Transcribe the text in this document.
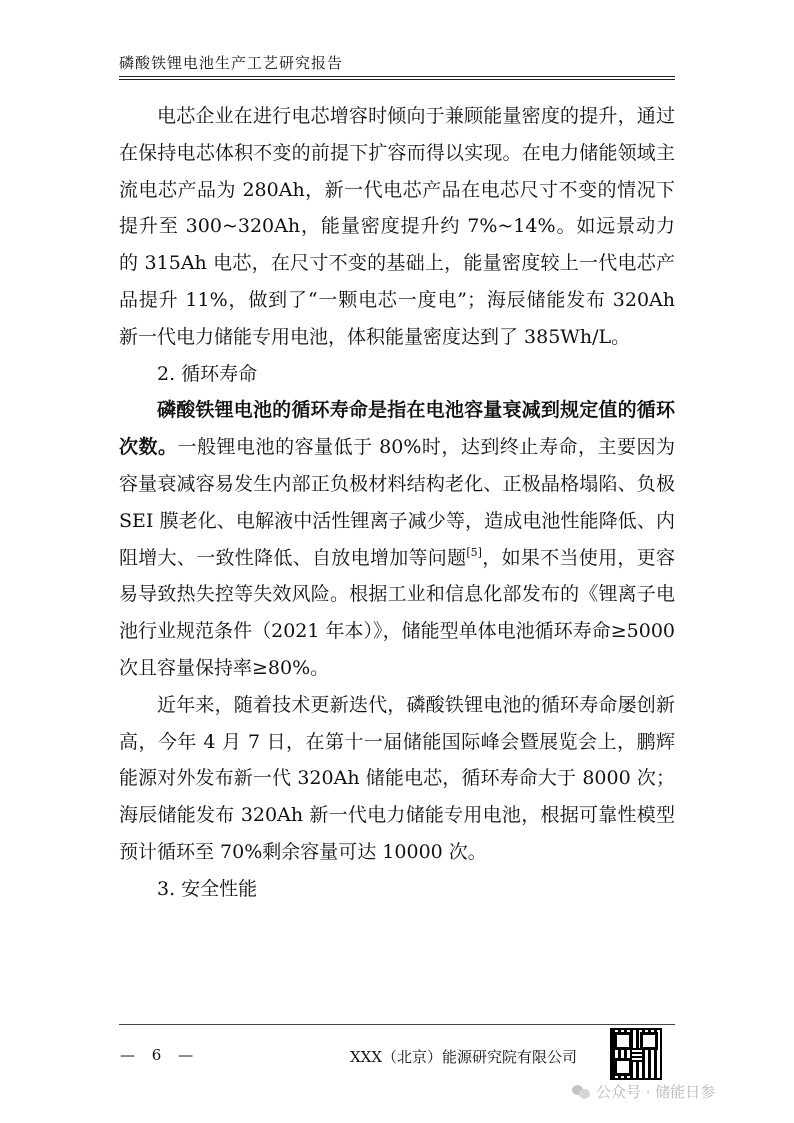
磷酸铁锂电池生产工艺研究报告

电芯企业在进行电芯增容时倾向于兼顾能量密度的提升，通过在保持电芯体积不变的前提下扩容而得以实现。在电力储能领域主流电芯产品为 280Ah，新一代电芯产品在电芯尺寸不变的情况下提升至 300~320Ah，能量密度提升约 7%~14%。如远景动力的 315Ah 电芯，在尺寸不变的基础上，能量密度较上一代电芯产品提升 11%，做到了“一颗电芯一度电”；海辰储能发布 320Ah 新一代电力储能专用电池，体积能量密度达到了 385Wh/L。

2. 循环寿命

磷酸铁锂电池的循环寿命是指在电池容量衰减到规定值的循环次数。一般锂电池的容量低于 80%时，达到终止寿命，主要因为容量衰减容易发生内部正负极材料结构老化、正极晶格塌陷、负极 SEI 膜老化、电解液中活性锂离子减少等，造成电池性能降低、内阻增大、一致性降低、自放电增加等问题[5]，如果不当使用，更容易导致热失控等失效风险。根据工业和信息化部发布的《锂离子电池行业规范条件（2021 年本）》，储能型单体电池循环寿命≥5000 次且容量保持率≥80%。

近年来，随着技术更新迭代，磷酸铁锂电池的循环寿命屡创新高，今年 4 月 7 日，在第十一届储能国际峰会暨展览会上，鹏辉能源对外发布新一代 320Ah 储能电芯，循环寿命大于 8000 次；海辰储能发布 320Ah 新一代电力储能专用电池，根据可靠性模型预计循环至 70%剩余容量可达 10000 次。

3. 安全性能

— 6 —	XXX（北京）能源研究院有限公司
公众号 · 储能日参
